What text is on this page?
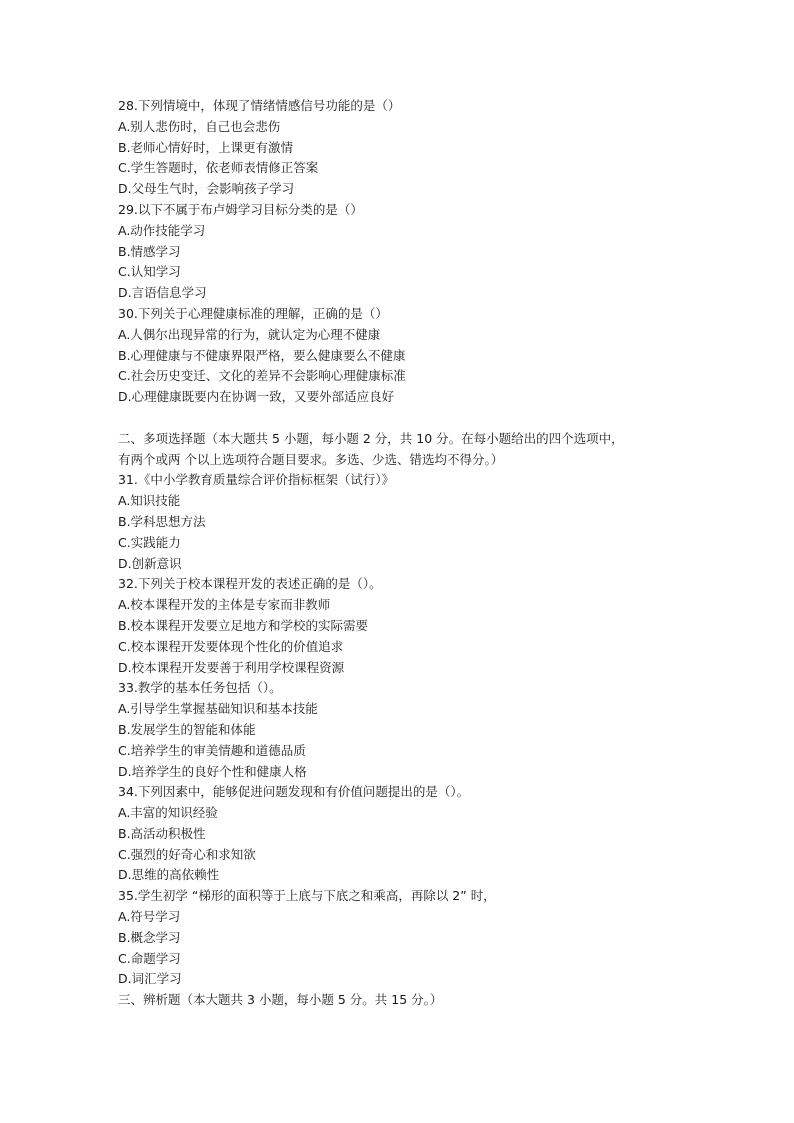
28.下列情境中，体现了情绪情感信号功能的是（）
A.别人悲伤时，自己也会悲伤
B.老师心情好时，上课更有激情
C.学生答题时，依老师表情修正答案
D.父母生气时，会影响孩子学习
29.以下不属于布卢姆学习目标分类的是（）
A.动作技能学习
B.情感学习
C.认知学习
D.言语信息学习
30.下列关于心理健康标准的理解，正确的是（）
A.人偶尔出现异常的行为，就认定为心理不健康
B.心理健康与不健康界限严格，要么健康要么不健康
C.社会历史变迁、文化的差异不会影响心理健康标准
D.心理健康既要内在协调一致，又要外部适应良好
二、多项选择题（本大题共 5 小题，每小题 2 分，共 10 分。在每小题给出的四个选项中，
有两个或两 个以上选项符合题目要求。多选、少选、错选均不得分。）
31.《中小学教育质量综合评价指标框架（试行）》
A.知识技能
B.学科思想方法
C.实践能力
D.创新意识
32.下列关于校本课程开发的表述正确的是（）。
A.校本课程开发的主体是专家而非教师
B.校本课程开发要立足地方和学校的实际需要
C.校本课程开发要体现个性化的价值追求
D.校本课程开发要善于利用学校课程资源
33.教学的基本任务包括（）。
A.引导学生掌握基础知识和基本技能
B.发展学生的智能和体能
C.培养学生的审美情趣和道德品质
D.培养学生的良好个性和健康人格
34.下列因素中，能够促进问题发现和有价值问题提出的是（）。
A.丰富的知识经验
B.高活动积极性
C.强烈的好奇心和求知欲
D.思维的高依赖性
35.学生初学 “梯形的面积等于上底与下底之和乘高，再除以 2” 时，
A.符号学习
B.概念学习
C.命题学习
D.词汇学习
三、辨析题（本大题共 3 小题，每小题 5 分。共 15 分。）
